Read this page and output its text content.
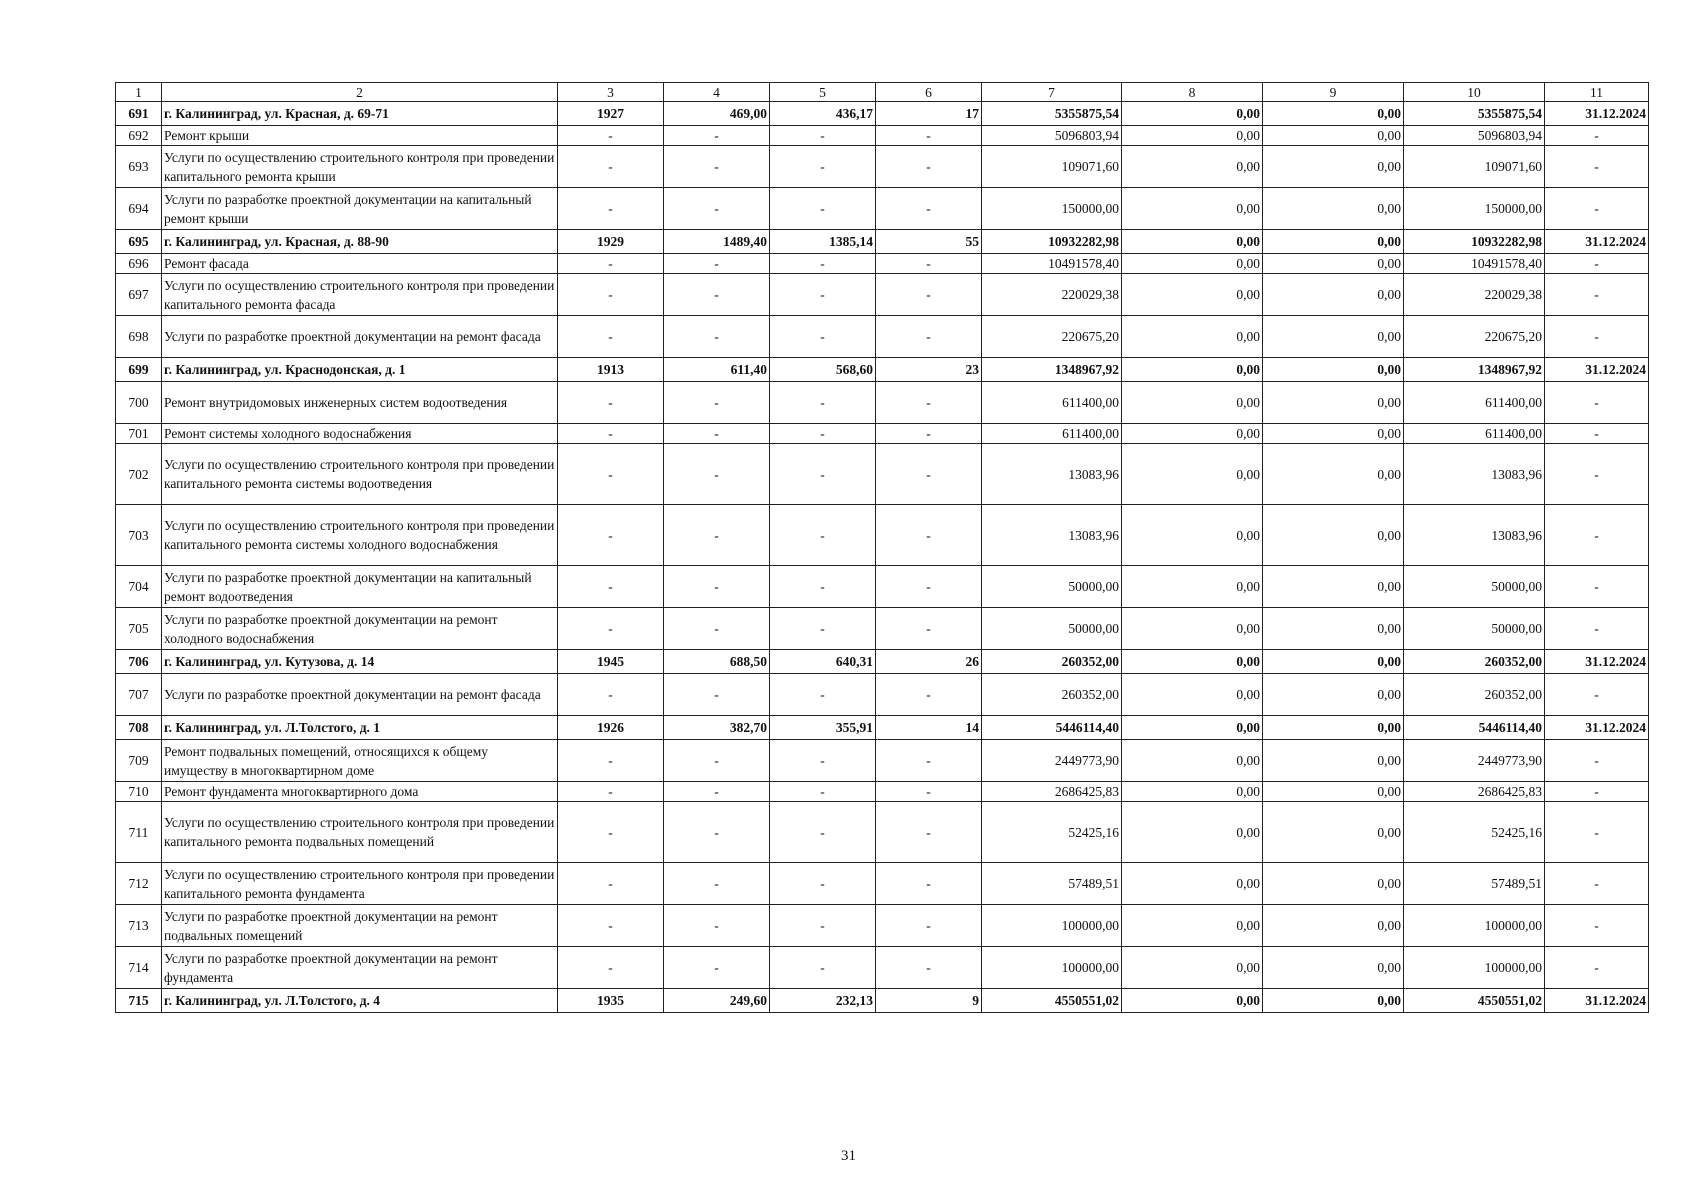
1	2	3	4	5	6	7	8	9	10	11
691	г. Калининград, ул. Красная, д. 69-71	1927	469,00	436,17	17	5355875,54	0,00	0,00	5355875,54	31.12.2024
692	Ремонт крыши	-	-	-	-	5096803,94	0,00	0,00	5096803,94	-
693	Услуги по осуществлению строительного контроля при проведении капитального ремонта крыши	-	-	-	-	109071,60	0,00	0,00	109071,60	-
694	Услуги по разработке проектной документации на капитальный ремонт крыши	-	-	-	-	150000,00	0,00	0,00	150000,00	-
695	г. Калининград, ул. Красная, д. 88-90	1929	1489,40	1385,14	55	10932282,98	0,00	0,00	10932282,98	31.12.2024
696	Ремонт фасада	-	-	-	-	10491578,40	0,00	0,00	10491578,40	-
697	Услуги по осуществлению строительного контроля при проведении капитального ремонта фасада	-	-	-	-	220029,38	0,00	0,00	220029,38	-
698	Услуги по разработке проектной документации на ремонт фасада	-	-	-	-	220675,20	0,00	0,00	220675,20	-
699	г. Калининград, ул. Краснодонская, д. 1	1913	611,40	568,60	23	1348967,92	0,00	0,00	1348967,92	31.12.2024
700	Ремонт внутридомовых инженерных систем водоотведения	-	-	-	-	611400,00	0,00	0,00	611400,00	-
701	Ремонт системы холодного водоснабжения	-	-	-	-	611400,00	0,00	0,00	611400,00	-
702	Услуги по осуществлению строительного контроля при проведении капитального ремонта системы водоотведения	-	-	-	-	13083,96	0,00	0,00	13083,96	-
703	Услуги по осуществлению строительного контроля при проведении капитального ремонта системы холодного водоснабжения	-	-	-	-	13083,96	0,00	0,00	13083,96	-
704	Услуги по разработке проектной документации на капитальный ремонт водоотведения	-	-	-	-	50000,00	0,00	0,00	50000,00	-
705	Услуги по разработке проектной документации на ремонт холодного водоснабжения	-	-	-	-	50000,00	0,00	0,00	50000,00	-
706	г. Калининград, ул. Кутузова, д. 14	1945	688,50	640,31	26	260352,00	0,00	0,00	260352,00	31.12.2024
707	Услуги по разработке проектной документации на ремонт фасада	-	-	-	-	260352,00	0,00	0,00	260352,00	-
708	г. Калининград, ул. Л.Толстого, д. 1	1926	382,70	355,91	14	5446114,40	0,00	0,00	5446114,40	31.12.2024
709	Ремонт подвальных помещений, относящихся к общему имуществу в многоквартирном доме	-	-	-	-	2449773,90	0,00	0,00	2449773,90	-
710	Ремонт фундамента многоквартирного дома	-	-	-	-	2686425,83	0,00	0,00	2686425,83	-
711	Услуги по осуществлению строительного контроля при проведении капитального ремонта подвальных помещений	-	-	-	-	52425,16	0,00	0,00	52425,16	-
712	Услуги по осуществлению строительного контроля при проведении капитального ремонта фундамента	-	-	-	-	57489,51	0,00	0,00	57489,51	-
713	Услуги по разработке проектной документации на ремонт подвальных помещений	-	-	-	-	100000,00	0,00	0,00	100000,00	-
714	Услуги по разработке проектной документации на ремонт фундамента	-	-	-	-	100000,00	0,00	0,00	100000,00	-
715	г. Калининград, ул. Л.Толстого, д. 4	1935	249,60	232,13	9	4550551,02	0,00	0,00	4550551,02	31.12.2024
31
